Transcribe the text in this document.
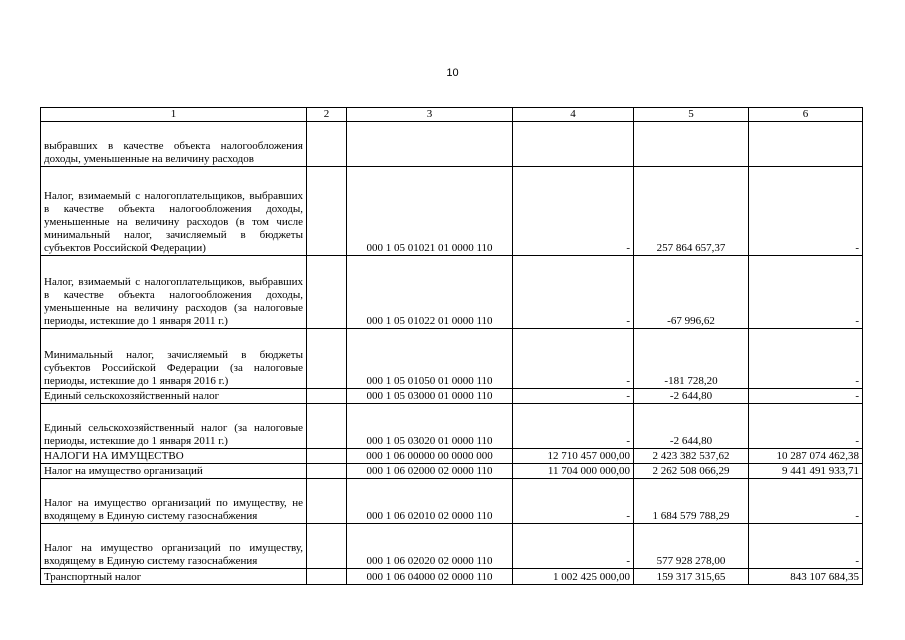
10
1	2	3	4	5	6
выбравших в качестве объекта налогообложения доходы, уменьшенные на величину расходов					
Налог, взимаемый с налогоплательщиков, выбравших в качестве объекта налогообложения доходы, уменьшенные на величину расходов (в том числе минимальный налог, зачисляемый в бюджеты субъектов Российской Федерации)		000 1 05 01021 01 0000 110	-	257 864 657,37	-
Налог, взимаемый с налогоплательщиков, выбравших в качестве объекта налогообложения доходы, уменьшенные на величину расходов (за налоговые периоды, истекшие до 1 января 2011 г.)		000 1 05 01022 01 0000 110	-	-67 996,62	-
Минимальный налог, зачисляемый в бюджеты субъектов Российской Федерации (за налоговые периоды, истекшие до 1 января 2016 г.)		000 1 05 01050 01 0000 110	-	-181 728,20	-
Единый сельскохозяйственный налог		000 1 05 03000 01 0000 110	-	-2 644,80	-
Единый сельскохозяйственный налог (за налоговые периоды, истекшие до 1 января 2011 г.)		000 1 05 03020 01 0000 110	-	-2 644,80	-
НАЛОГИ НА ИМУЩЕСТВО		000 1 06 00000 00 0000 000	12 710 457 000,00	2 423 382 537,62	10 287 074 462,38
Налог на имущество организаций		000 1 06 02000 02 0000 110	11 704 000 000,00	2 262 508 066,29	9 441 491 933,71
Налог на имущество организаций по имуществу, не входящему в Единую систему газоснабжения		000 1 06 02010 02 0000 110	-	1 684 579 788,29	-
Налог на имущество организаций по имуществу, входящему в Единую систему газоснабжения		000 1 06 02020 02 0000 110	-	577 928 278,00	-
Транспортный налог		000 1 06 04000 02 0000 110	1 002 425 000,00	159 317 315,65	843 107 684,35
